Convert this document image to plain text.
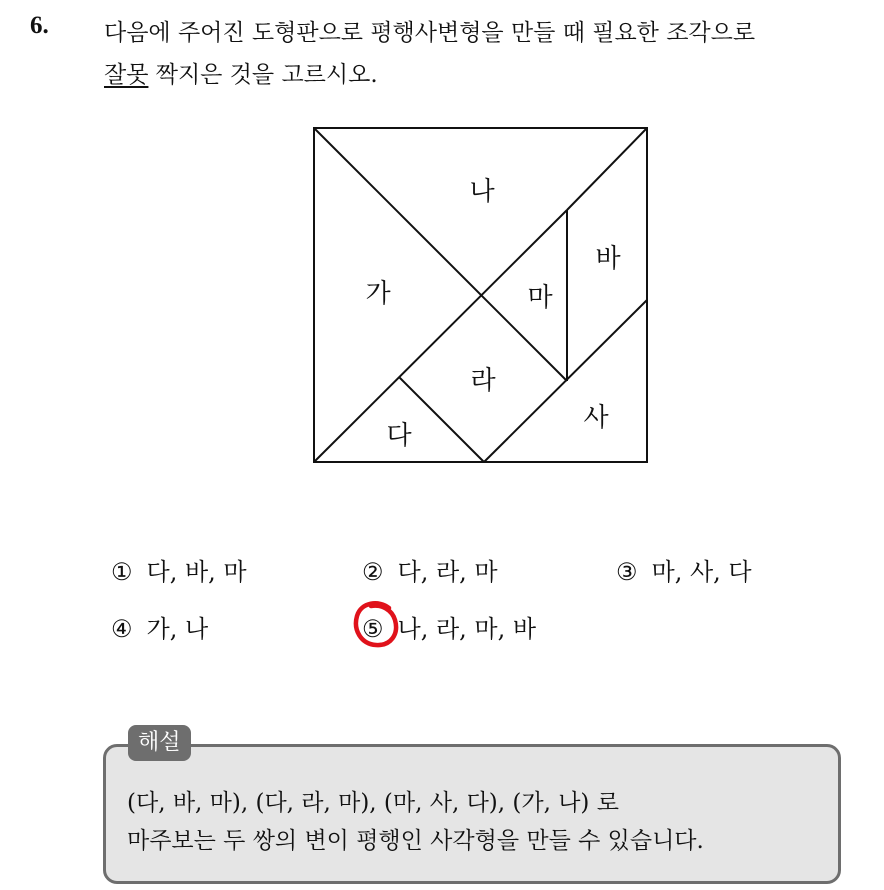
6. 다음에 주어진 도형판으로 평행사변형을 만들 때 필요한 조각으로
잘못 짝지은 것을 고르시오.
가
나
다
라
마
바
사
① 다, 바, 마	② 다, 라, 마	③ 마, 사, 다
④ 가, 나	⑤ 나, 라, 마, 바
해설
(다, 바, 마), (다, 라, 마), (마, 사, 다), (가, 나) 로
마주보는 두 쌍의 변이 평행인 사각형을 만들 수 있습니다.
